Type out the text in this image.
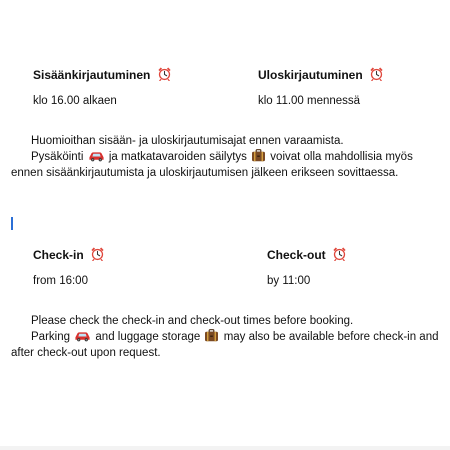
Sisäänkirjautuminen	Uloskirjautuminen
klo 16.00 alkaen	klo 11.00 mennessä

Huomioithan sisään- ja uloskirjautumisajat ennen varaamista.

Pysäköinti ja matkatavaroiden säilytys voivat olla mahdollisia myös

ennen sisäänkirjautumista ja uloskirjautumisen jälkeen erikseen sovittaessa.

Check-in	Check-out
from 16:00	by 11:00

Please check the check-in and check-out times before booking.

Parking and luggage storage may also be available before check-in and

after check-out upon request.
